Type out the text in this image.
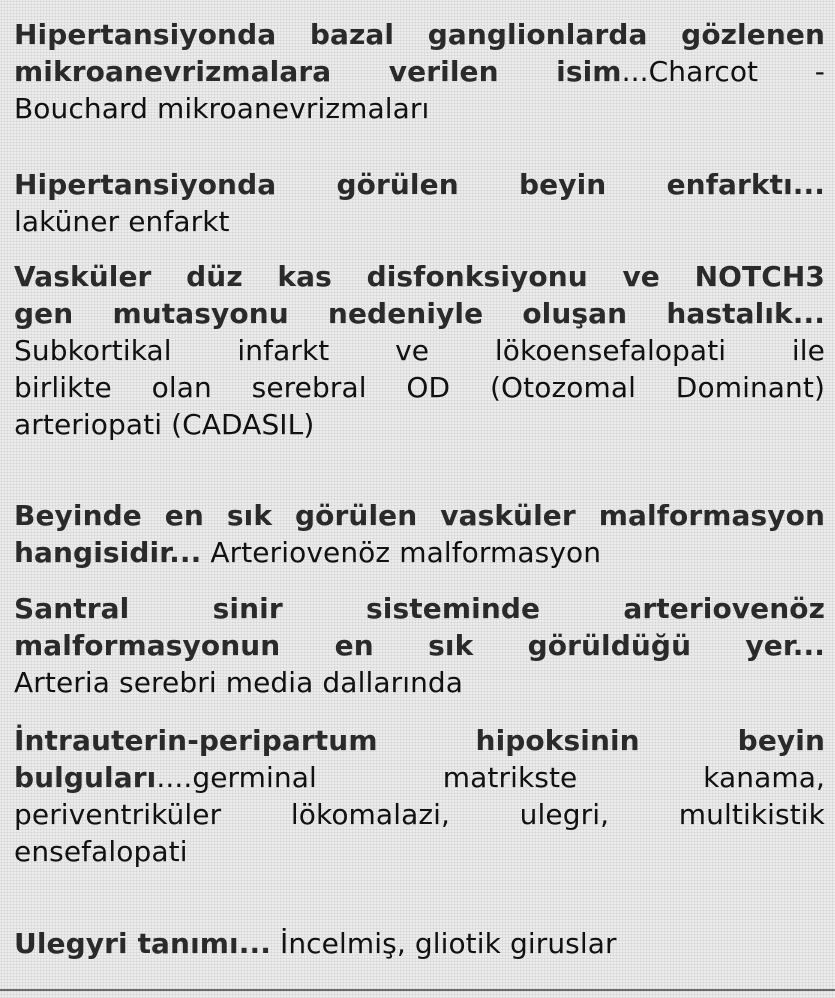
Hipertansiyonda bazal ganglionlarda gözlenen

mikroanevrizmalara verilen isim...Charcot -

Bouchard mikroanevrizmaları

Hipertansiyonda görülen beyin enfarktı...

laküner enfarkt

Vasküler düz kas disfonksiyonu ve NOTCH3

gen mutasyonu nedeniyle oluşan hastalık...

Subkortikal infarkt ve lökoensefalopati ile

birlikte olan serebral OD (Otozomal Dominant)

arteriopati (CADASIL)

Beyinde en sık görülen vasküler malformasyon

hangisidir... Arteriovenöz malformasyon

Santral sinir sisteminde arteriovenöz

malformasyonun en sık görüldüğü yer...

Arteria serebri media dallarında

İntrauterin-peripartum hipoksinin beyin

bulguları....germinal matrikste kanama,

periventriküler lökomalazi, ulegri, multikistik

ensefalopati

Ulegyri tanımı... İncelmiş, gliotik giruslar
